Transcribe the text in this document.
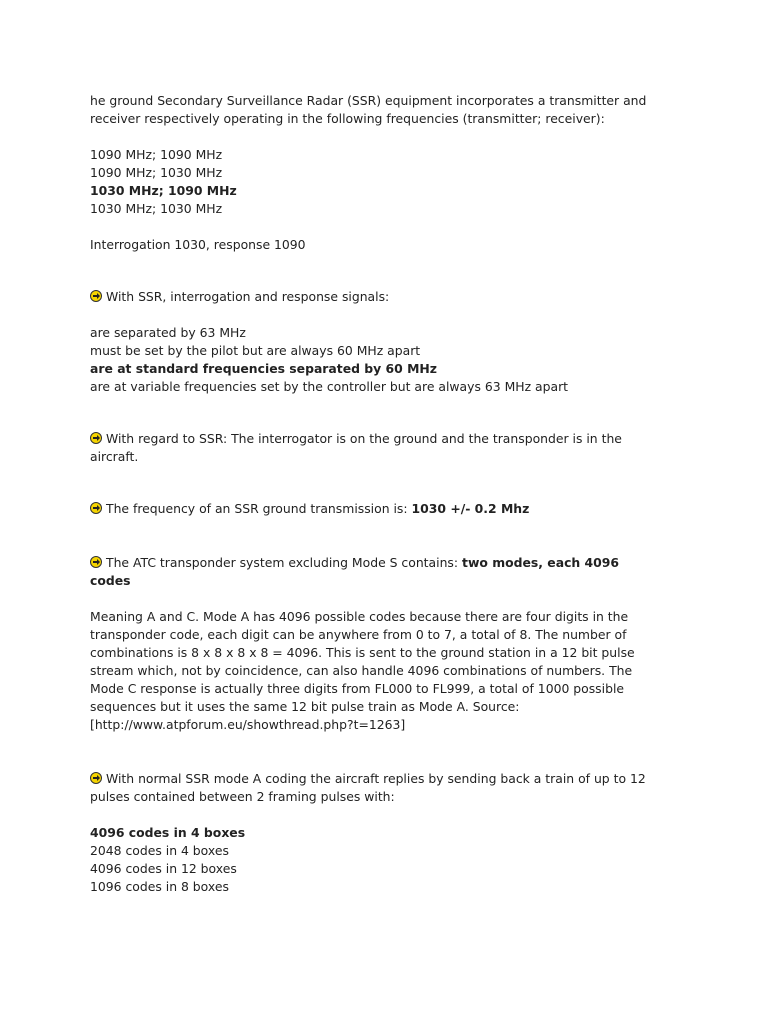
he ground Secondary Surveillance Radar (SSR) equipment incorporates a transmitter and
receiver respectively operating in the following frequencies (transmitter; receiver):
1090 MHz; 1090 MHz
1090 MHz; 1030 MHz
1030 MHz; 1090 MHz
1030 MHz; 1030 MHz
Interrogation 1030, response 1090
With SSR, interrogation and response signals:
are separated by 63 MHz
must be set by the pilot but are always 60 MHz apart
are at standard frequencies separated by 60 MHz
are at variable frequencies set by the controller but are always 63 MHz apart
With regard to SSR: The interrogator is on the ground and the transponder is in the
aircraft.
The frequency of an SSR ground transmission is: 1030 +/- 0.2 Mhz
The ATC transponder system excluding Mode S contains: two modes, each 4096
codes
Meaning A and C. Mode A has 4096 possible codes because there are four digits in the
transponder code, each digit can be anywhere from 0 to 7, a total of 8. The number of
combinations is 8 x 8 x 8 x 8 = 4096. This is sent to the ground station in a 12 bit pulse
stream which, not by coincidence, can also handle 4096 combinations of numbers. The
Mode C response is actually three digits from FL000 to FL999, a total of 1000 possible
sequences but it uses the same 12 bit pulse train as Mode A. Source:
[http://www.atpforum.eu/showthread.php?t=1263]
With normal SSR mode A coding the aircraft replies by sending back a train of up to 12
pulses contained between 2 framing pulses with:
4096 codes in 4 boxes
2048 codes in 4 boxes
4096 codes in 12 boxes
1096 codes in 8 boxes
